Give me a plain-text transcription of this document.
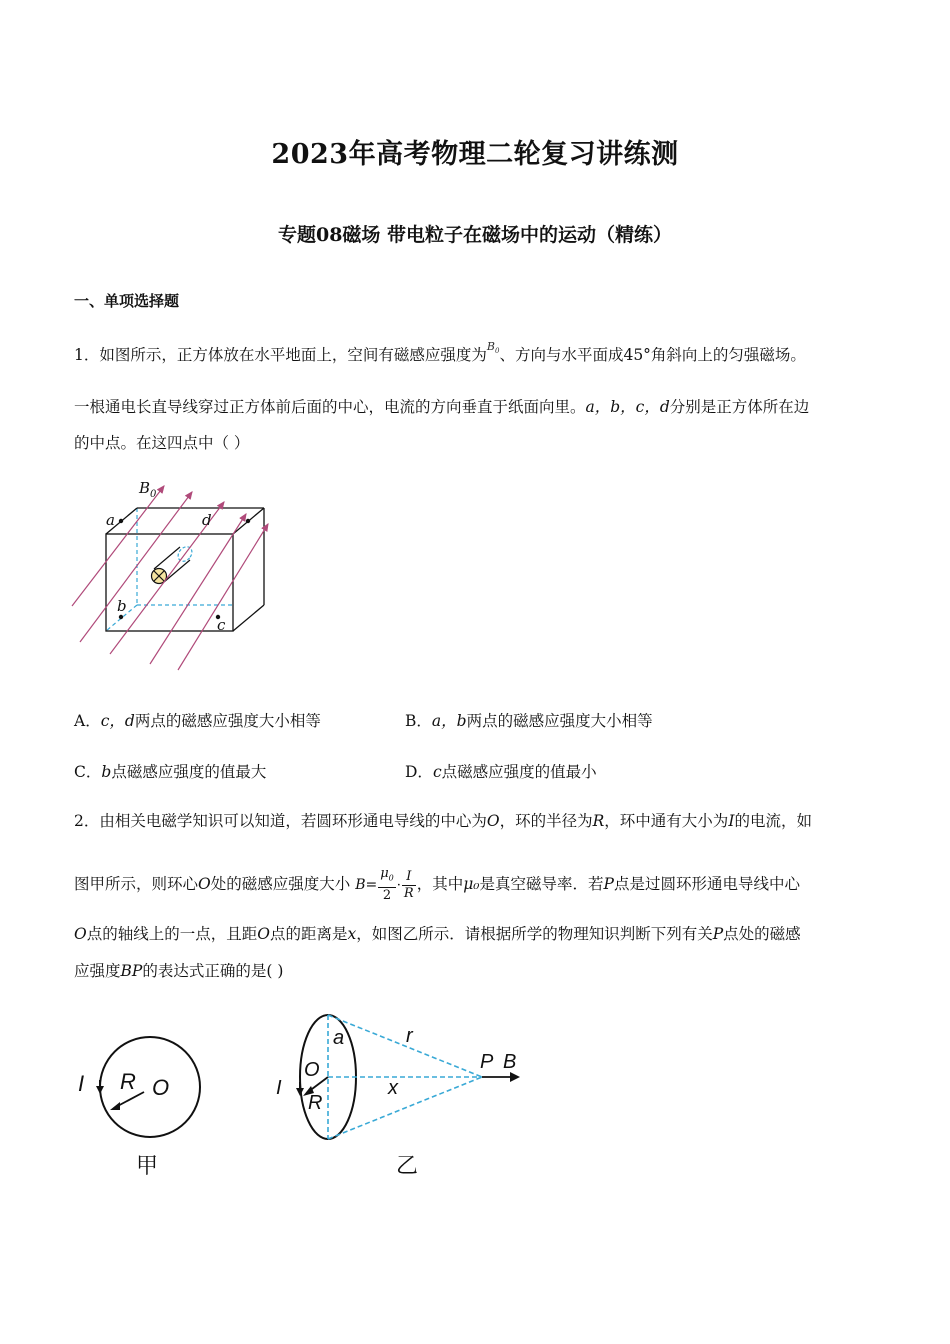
2023年高考物理二轮复习讲练测
专题08磁场 带电粒子在磁场中的运动（精练）
一、单项选择题
1．如图所示，正方体放在水平地面上，空间有磁感应强度为$^{B_0}$、方向与水平面成45°角斜向上的匀强磁场。
一根通电长直导线穿过正方体前后面的中心，电流的方向垂直于纸面向里。a，b，c，d分别是正方体所在边
的中点。在这四点中（ ）
$B_0$
a	d
b
c
A．c，d两点的磁感应强度大小相等	B．a，b两点的磁感应强度大小相等
C．b点磁感应强度的值最大	D．c点磁感应强度的值最小
2．由相关电磁学知识可以知道，若圆环形通电导线的中心为O，环的半径为R，环中通有大小为I的电流，如
图甲所示，则环心O处的磁感应强度大小 $B= \frac{\mu_0}{2} \cdot \frac{I}{R}$ ，其中μ₀是真空磁导率．若P点是过圆环形通电导线中心
O点的轴线上的一点，且距O点的距离是x，如图乙所示．请根据所学的物理知识判断下列有关P点处的磁感
应强度BP的表达式正确的是( )
I R O
甲
a	r
O
I
R
x
P B
乙
